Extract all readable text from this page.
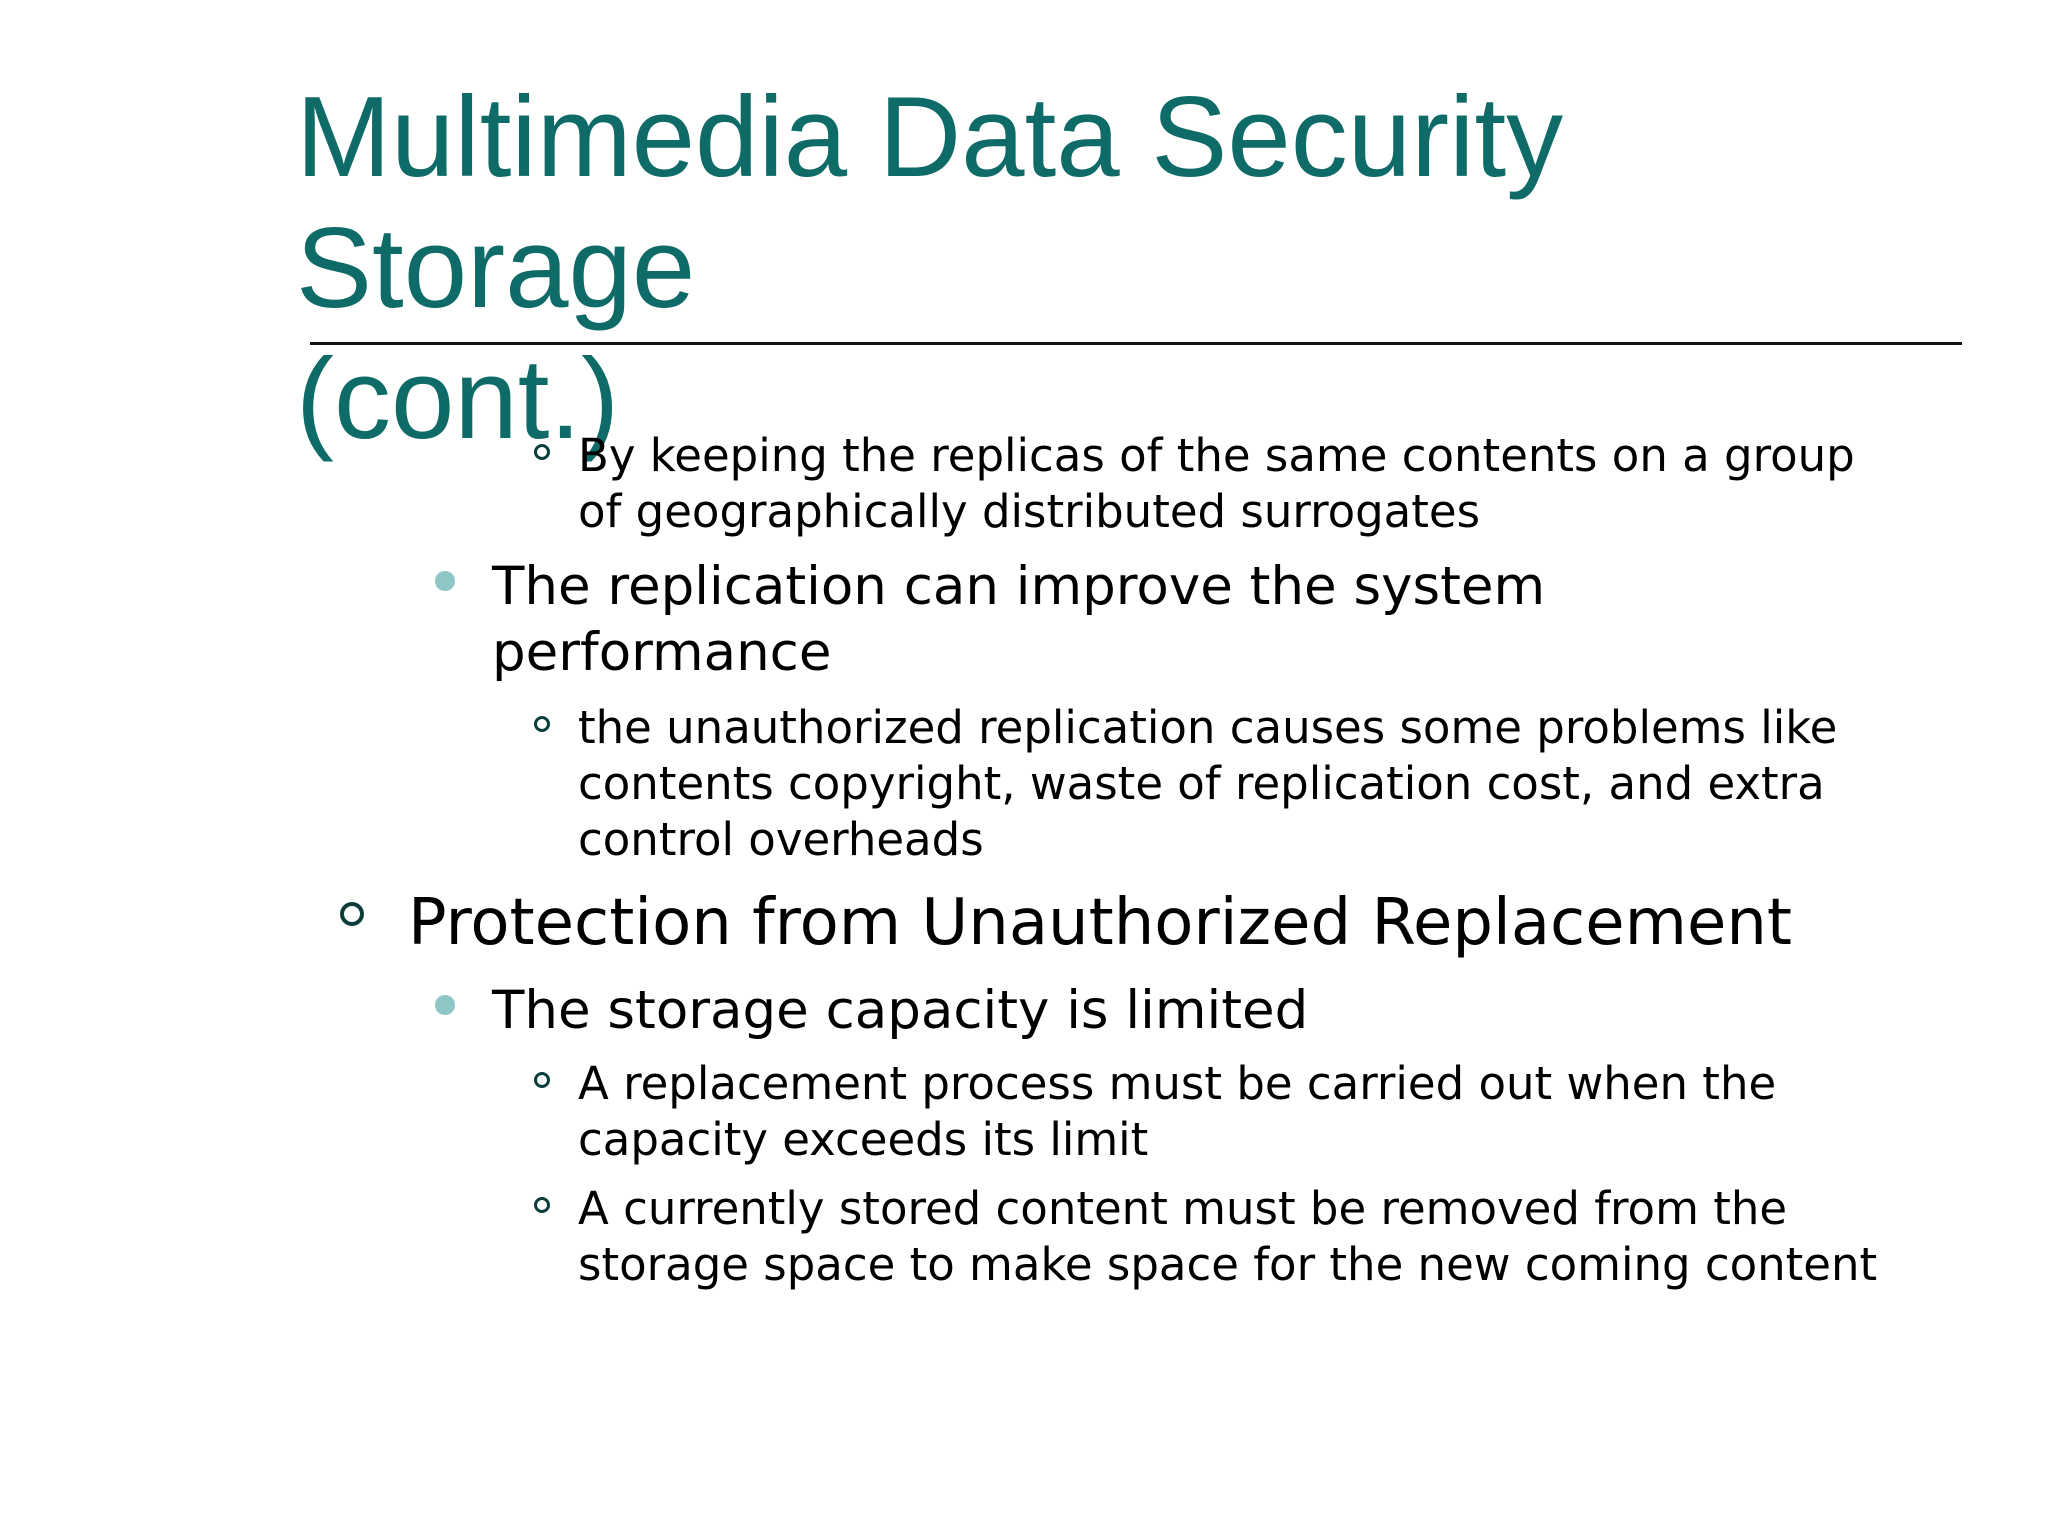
Multimedia Data Security Storage
(cont.)
By keeping the replicas of the same contents on a group
of geographically distributed surrogates
The replication can improve the system
performance
the unauthorized replication causes some problems like
contents copyright, waste of replication cost, and extra
control overheads
Protection from Unauthorized Replacement
The storage capacity is limited
A replacement process must be carried out when the
capacity exceeds its limit
A currently stored content must be removed from the
storage space to make space for the new coming content
